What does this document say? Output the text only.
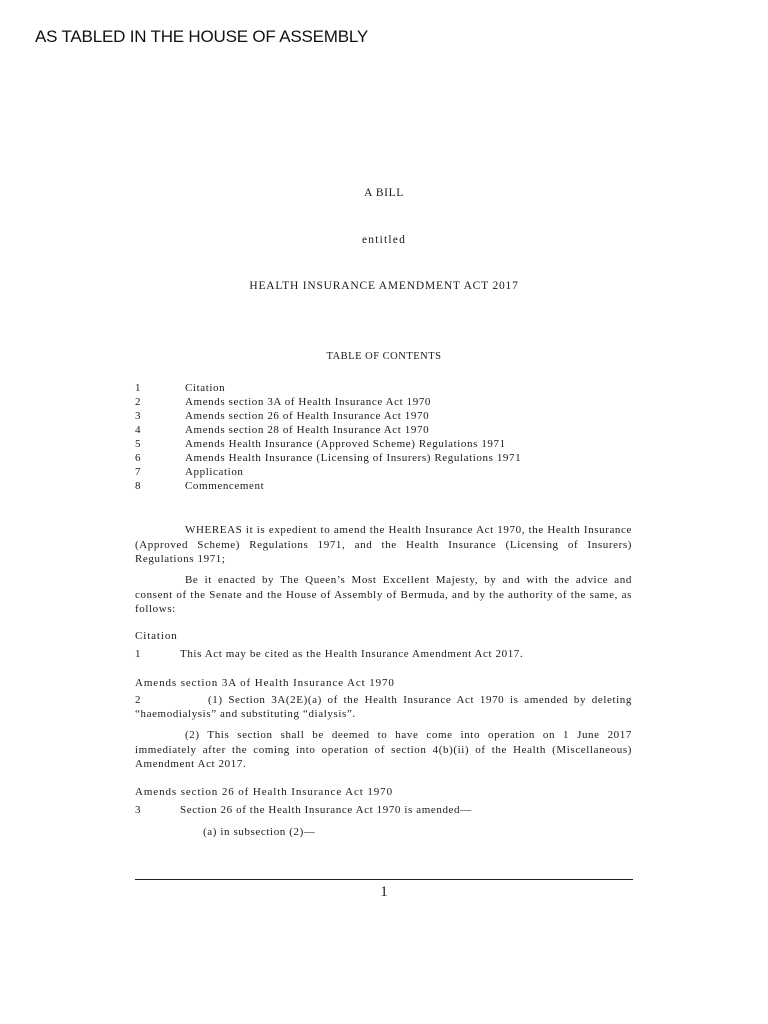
AS TABLED IN THE HOUSE OF ASSEMBLY
A BILL
entitled
HEALTH INSURANCE AMENDMENT ACT 2017
TABLE OF CONTENTS
1	Citation
2	Amends section 3A of Health Insurance Act 1970
3	Amends section 26 of Health Insurance Act 1970
4	Amends section 28 of Health Insurance Act 1970
5	Amends Health Insurance (Approved Scheme) Regulations 1971
6	Amends Health Insurance (Licensing of Insurers) Regulations 1971
7	Application
8	Commencement
WHEREAS it is expedient to amend the Health Insurance Act 1970, the Health Insurance (Approved Scheme) Regulations 1971, and the Health Insurance (Licensing of Insurers) Regulations 1971;
Be it enacted by The Queen’s Most Excellent Majesty, by and with the advice and consent of the Senate and the House of Assembly of Bermuda, and by the authority of the same, as follows:
Citation
1	This Act may be cited as the Health Insurance Amendment Act 2017.
Amends section 3A of Health Insurance Act 1970
2	(1) Section 3A(2E)(a) of the Health Insurance Act 1970 is amended by deleting
“haemodialysis” and substituting “dialysis”.
(2) This section shall be deemed to have come into operation on 1 June 2017 immediately after the coming into operation of section 4(b)(ii) of the Health (Miscellaneous) Amendment Act 2017.
Amends section 26 of Health Insurance Act 1970
3	Section 26 of the Health Insurance Act 1970 is amended—
(a) in subsection (2)—
1
